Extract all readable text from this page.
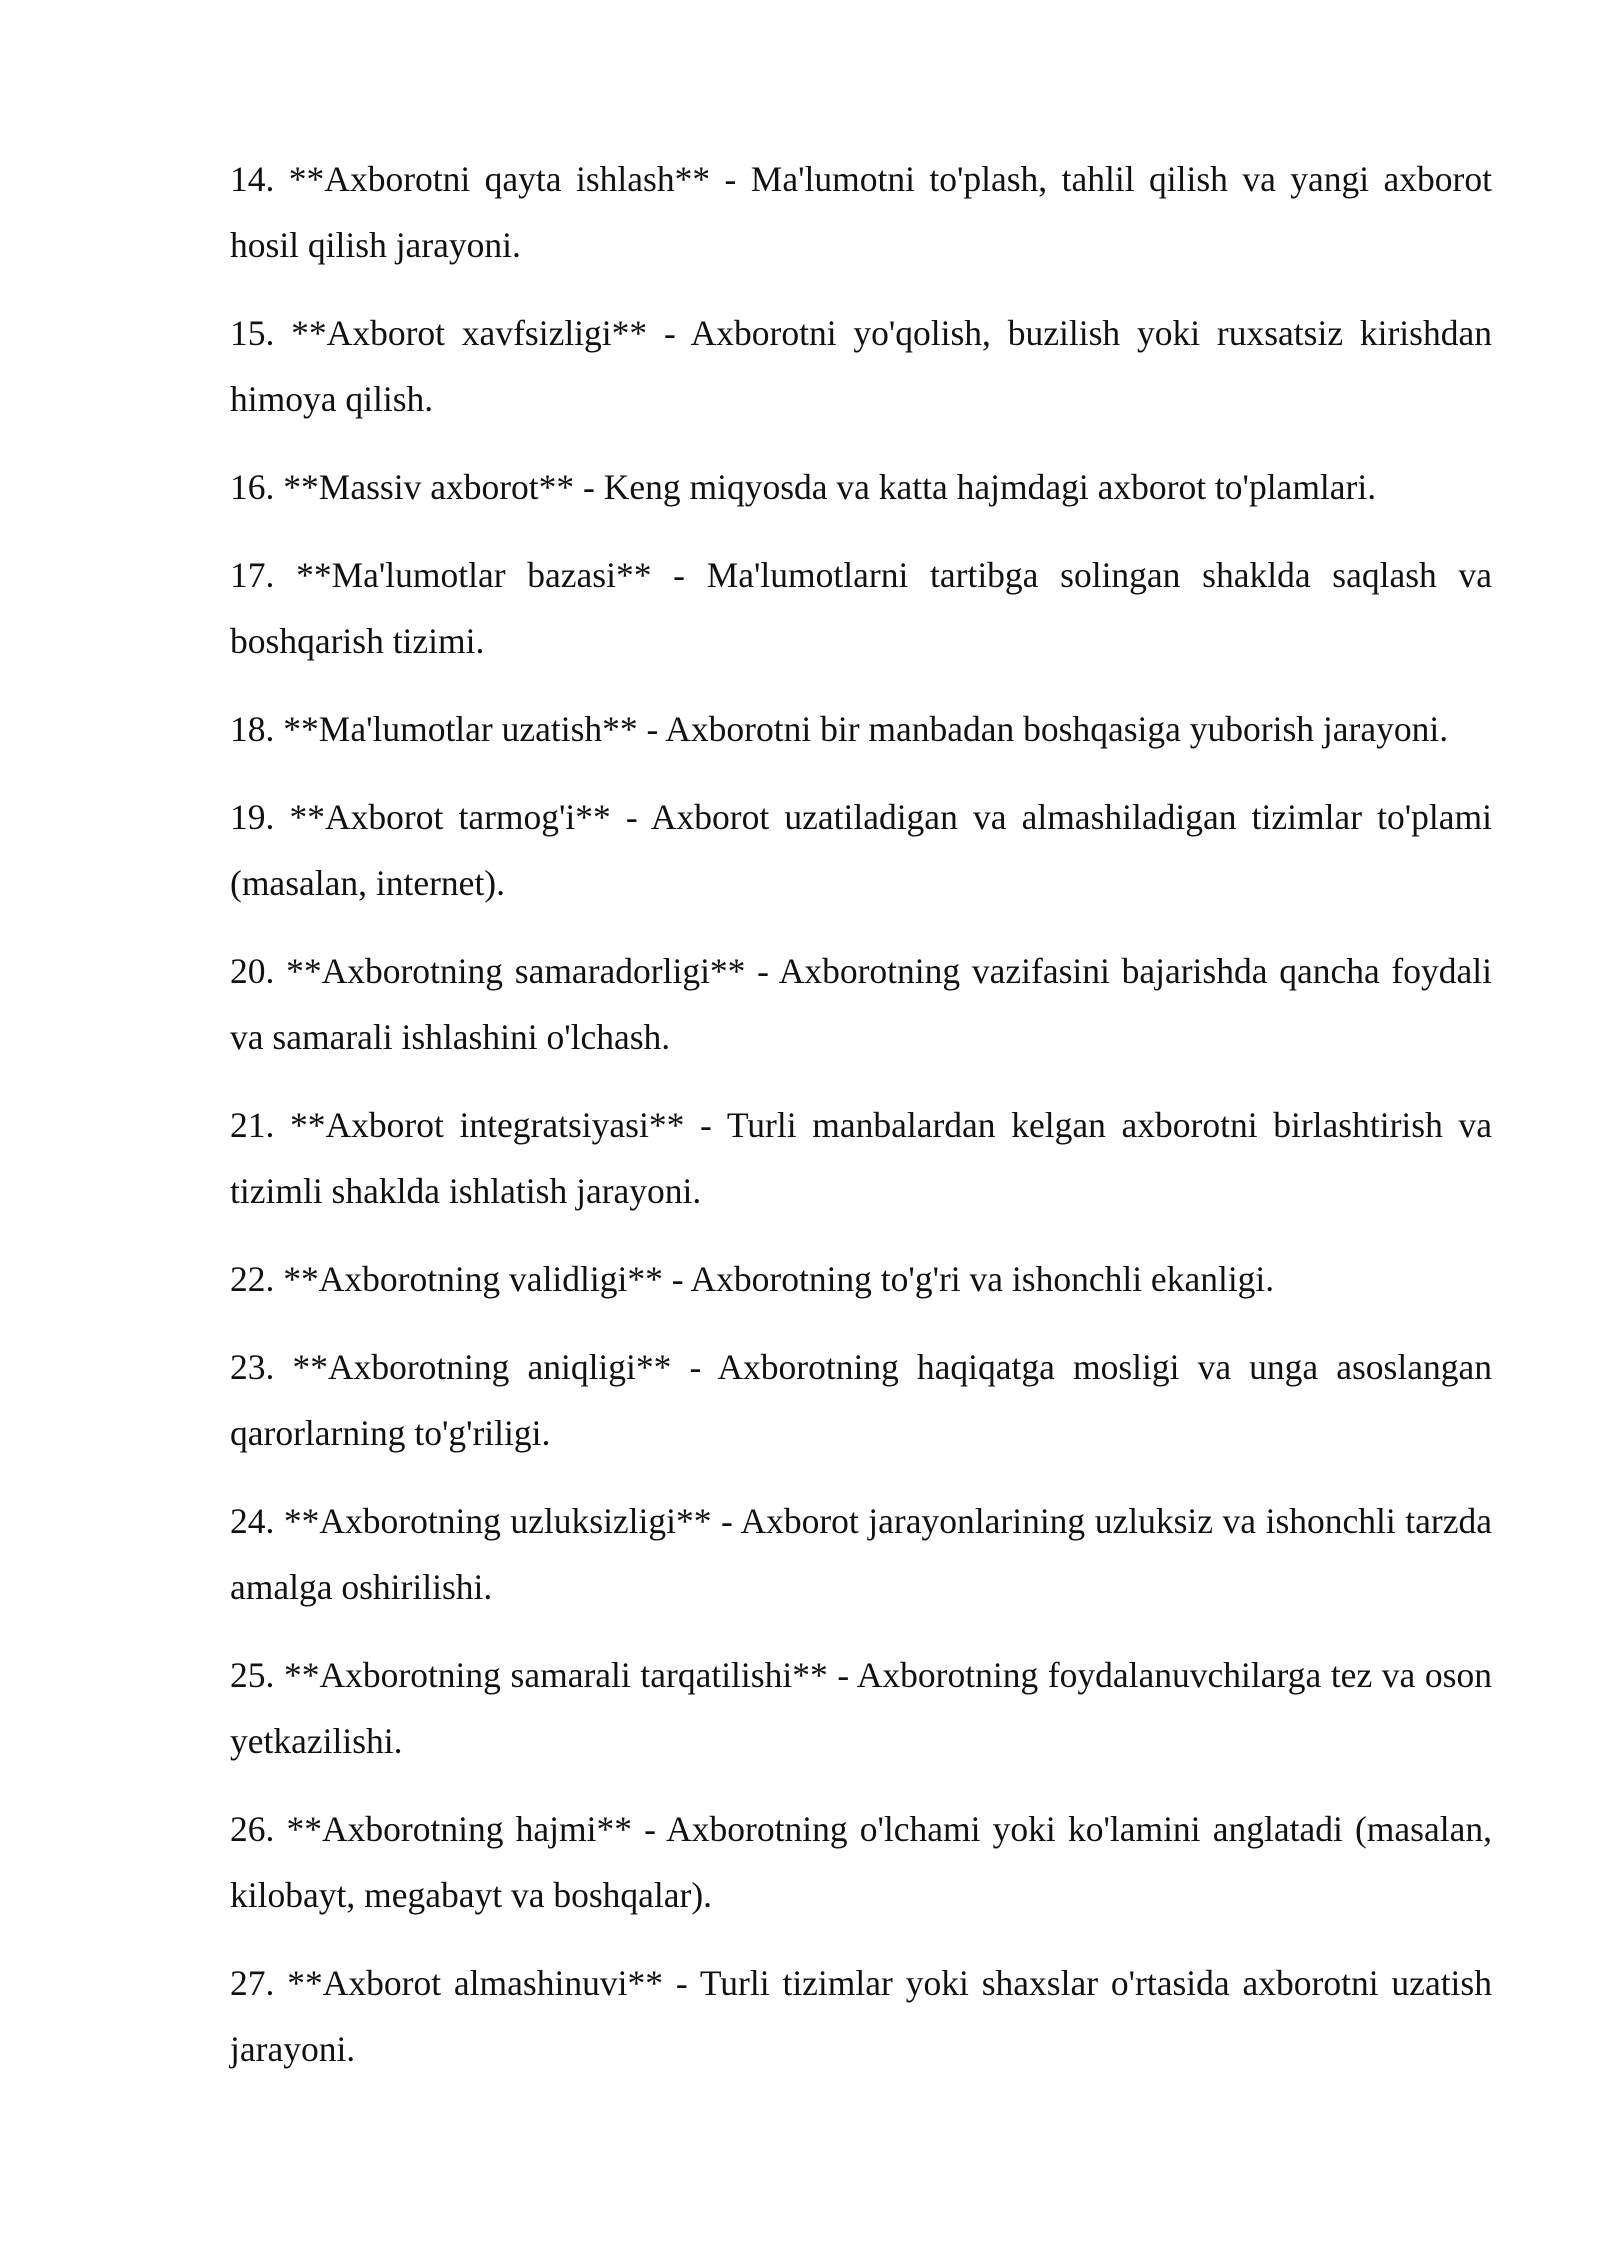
14. **Axborotni qayta ishlash** - Ma'lumotni to'plash, tahlil qilish va yangi axborot hosil qilish jarayoni.

15. **Axborot xavfsizligi** - Axborotni yo'qolish, buzilish yoki ruxsatsiz kirishdan himoya qilish.

16. **Massiv axborot** - Keng miqyosda va katta hajmdagi axborot to'plamlari.

17. **Ma'lumotlar bazasi** - Ma'lumotlarni tartibga solingan shaklda saqlash va boshqarish tizimi.

18. **Ma'lumotlar uzatish** - Axborotni bir manbadan boshqasiga yuborish jarayoni.

19. **Axborot tarmog'i** - Axborot uzatiladigan va almashiladigan tizimlar to'plami (masalan, internet).

20. **Axborotning samaradorligi** - Axborotning vazifasini bajarishda qancha foydali va samarali ishlashini o'lchash.

21. **Axborot integratsiyasi** - Turli manbalardan kelgan axborotni birlashtirish va tizimli shaklda ishlatish jarayoni.

22. **Axborotning validligi** - Axborotning to'g'ri va ishonchli ekanligi.

23. **Axborotning aniqligi** - Axborotning haqiqatga mosligi va unga asoslangan qarorlarning to'g'riligi.

24. **Axborotning uzluksizligi** - Axborot jarayonlarining uzluksiz va ishonchli tarzda amalga oshirilishi.

25. **Axborotning samarali tarqatilishi** - Axborotning foydalanuvchilarga tez va oson yetkazilishi.

26. **Axborotning hajmi** - Axborotning o'lchami yoki ko'lamini anglatadi (masalan, kilobayt, megabayt va boshqalar).

27. **Axborot almashinuvi** - Turli tizimlar yoki shaxslar o'rtasida axborotni uzatish jarayoni.
